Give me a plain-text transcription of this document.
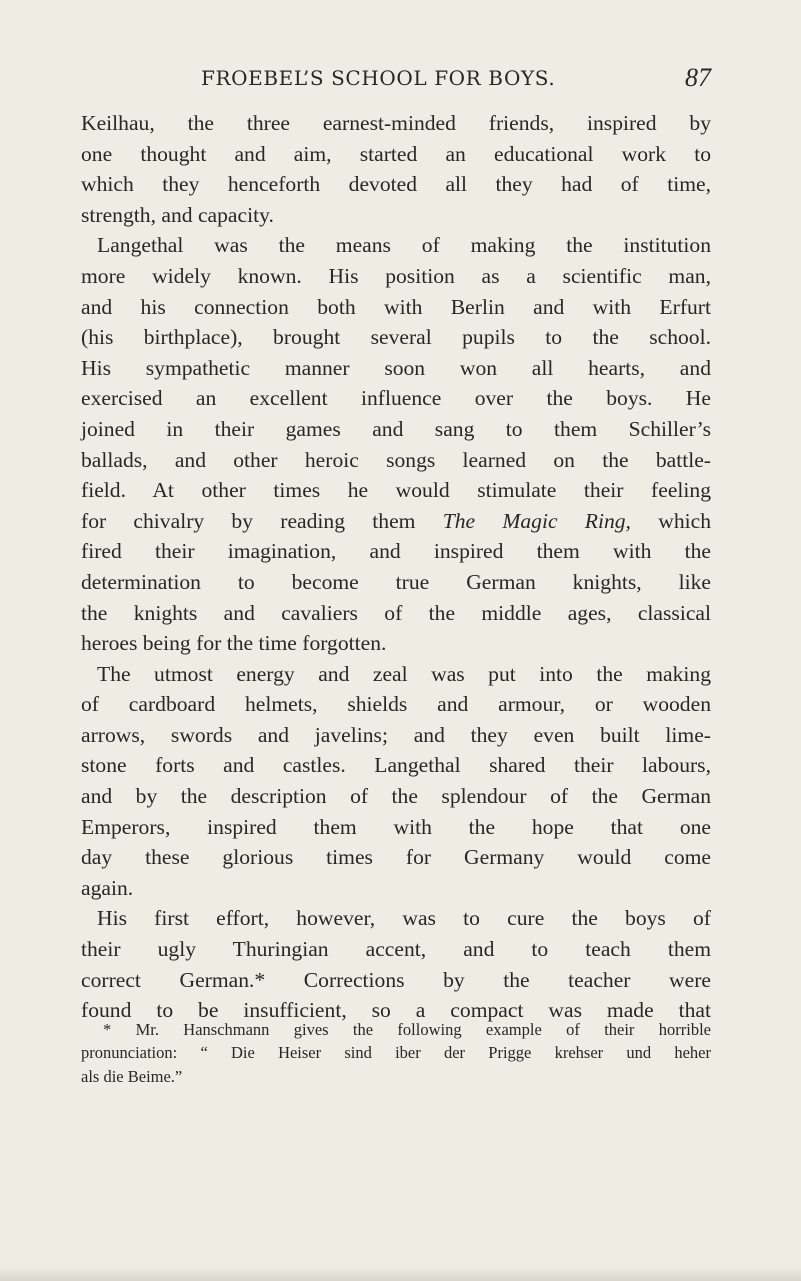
FROEBEL’S SCHOOL FOR BOYS.	87
Keilhau, the three earnest-minded friends, inspired by
one thought and aim, started an educational work to
which they henceforth devoted all they had of time,
strength, and capacity.
Langethal was the means of making the institution
more widely known. His position as a scientific man,
and his connection both with Berlin and with Erfurt
(his birthplace), brought several pupils to the school.
His sympathetic manner soon won all hearts, and
exercised an excellent influence over the boys. He
joined in their games and sang to them Schiller’s
ballads, and other heroic songs learned on the battle-
field. At other times he would stimulate their feeling
for chivalry by reading them The Magic Ring, which
fired their imagination, and inspired them with the
determination to become true German knights, like
the knights and cavaliers of the middle ages, classical
heroes being for the time forgotten.
The utmost energy and zeal was put into the making
of cardboard helmets, shields and armour, or wooden
arrows, swords and javelins; and they even built lime-
stone forts and castles. Langethal shared their labours,
and by the description of the splendour of the German
Emperors, inspired them with the hope that one
day these glorious times for Germany would come
again.
His first effort, however, was to cure the boys of
their ugly Thuringian accent, and to teach them
correct German.* Corrections by the teacher were
found to be insufficient, so a compact was made that
* Mr. Hanschmann gives the following example of their horrible
pronunciation: “ Die Heiser sind iber der Prigge krehser und heher
als die Beime.”
